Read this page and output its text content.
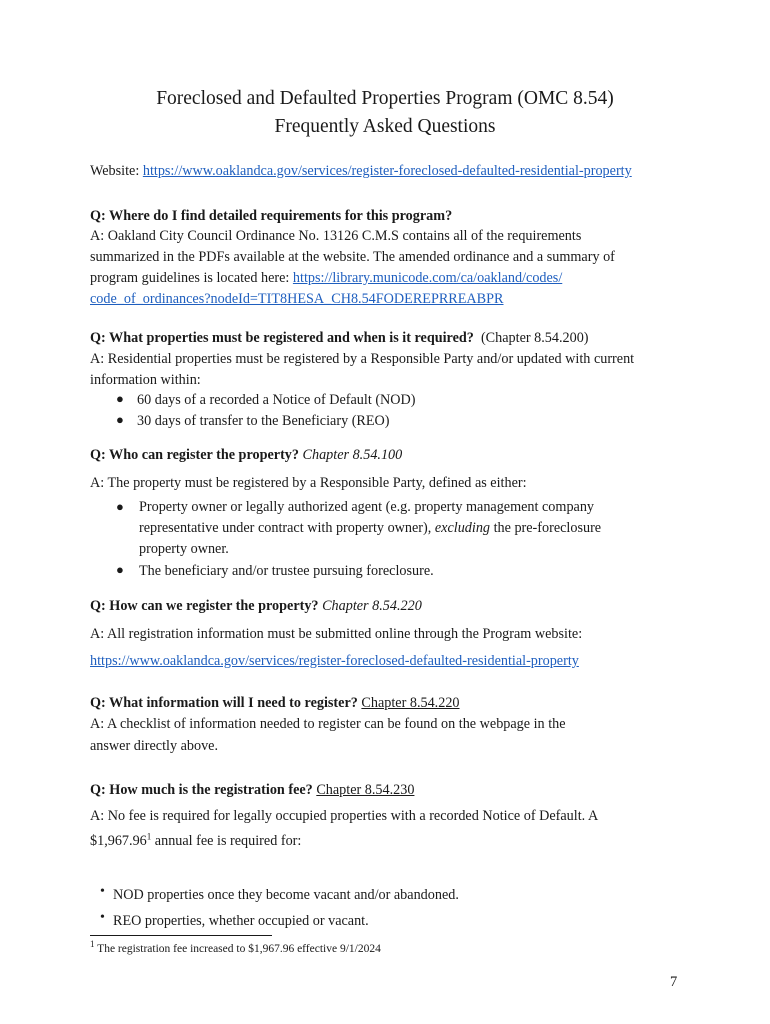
Foreclosed and Defaulted Properties Program (OMC 8.54)
Frequently Asked Questions
Website: https://www.oaklandca.gov/services/register-foreclosed-defaulted-residential-property
Q: Where do I find detailed requirements for this program?
A: Oakland City Council Ordinance No. 13126 C.M.S contains all of the requirements
summarized in the PDFs available at the website. The amended ordinance and a summary of
program guidelines is located here: https://library.municode.com/ca/oakland/codes/
code_of_ordinances?nodeId=TIT8HESA_CH8.54FODEREPRREABPR
Q: What properties must be registered and when is it required? (Chapter 8.54.200)
A: Residential properties must be registered by a Responsible Party and/or updated with current
information within:
● 60 days of a recorded a Notice of Default (NOD)
● 30 days of transfer to the Beneficiary (REO)
Q: Who can register the property? Chapter 8.54.100
A: The property must be registered by a Responsible Party, defined as either:
● Property owner or legally authorized agent (e.g. property management company
representative under contract with property owner), excluding the pre-foreclosure
property owner.
● The beneficiary and/or trustee pursuing foreclosure.
Q: How can we register the property? Chapter 8.54.220
A: All registration information must be submitted online through the Program website:
https://www.oaklandca.gov/services/register-foreclosed-defaulted-residential-property
Q: What information will I need to register? Chapter 8.54.220
A: A checklist of information needed to register can be found on the webpage in the
answer directly above.
Q: How much is the registration fee? Chapter 8.54.230
A: No fee is required for legally occupied properties with a recorded Notice of Default. A
$1,967.96$^1$ annual fee is required for:
• NOD properties once they become vacant and/or abandoned.
• REO properties, whether occupied or vacant.
$^1$ The registration fee increased to $1,967.96 effective 9/1/2024
7
